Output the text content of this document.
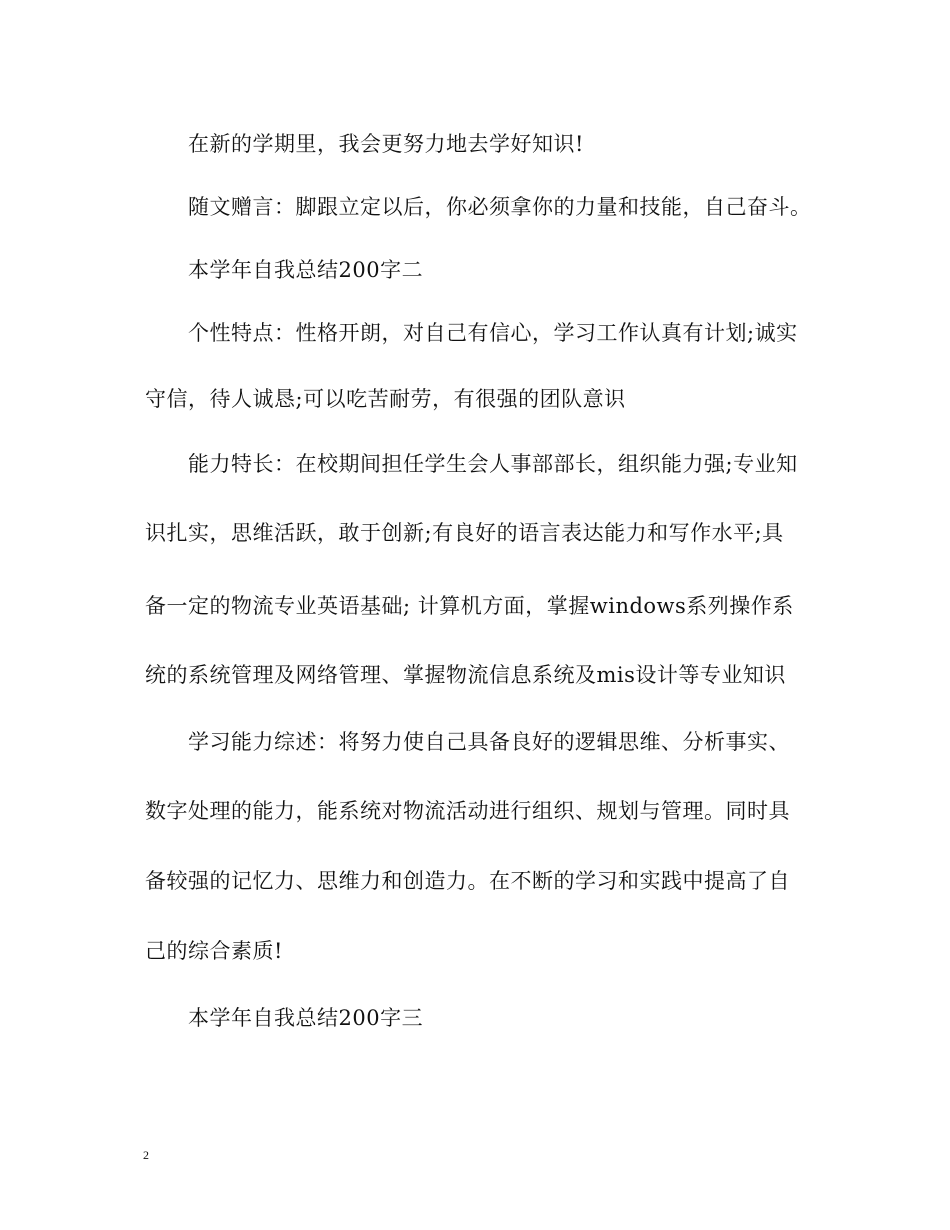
在新的学期里，我会更努力地去学好知识!
随文赠言：脚跟立定以后，你必须拿你的力量和技能，自己奋斗。
本学年自我总结200字二
个性特点：性格开朗，对自己有信心，学习工作认真有计划;诚实
守信，待人诚恳;可以吃苦耐劳，有很强的团队意识
能力特长：在校期间担任学生会人事部部长，组织能力强;专业知
识扎实，思维活跃，敢于创新;有良好的语言表达能力和写作水平;具
备一定的物流专业英语基础; 计算机方面，掌握windows系列操作系
统的系统管理及网络管理、掌握物流信息系统及mis设计等专业知识
学习能力综述：将努力使自己具备良好的逻辑思维、分析事实、
数字处理的能力，能系统对物流活动进行组织、规划与管理。同时具
备较强的记忆力、思维力和创造力。在不断的学习和实践中提高了自
己的综合素质!
本学年自我总结200字三
2
